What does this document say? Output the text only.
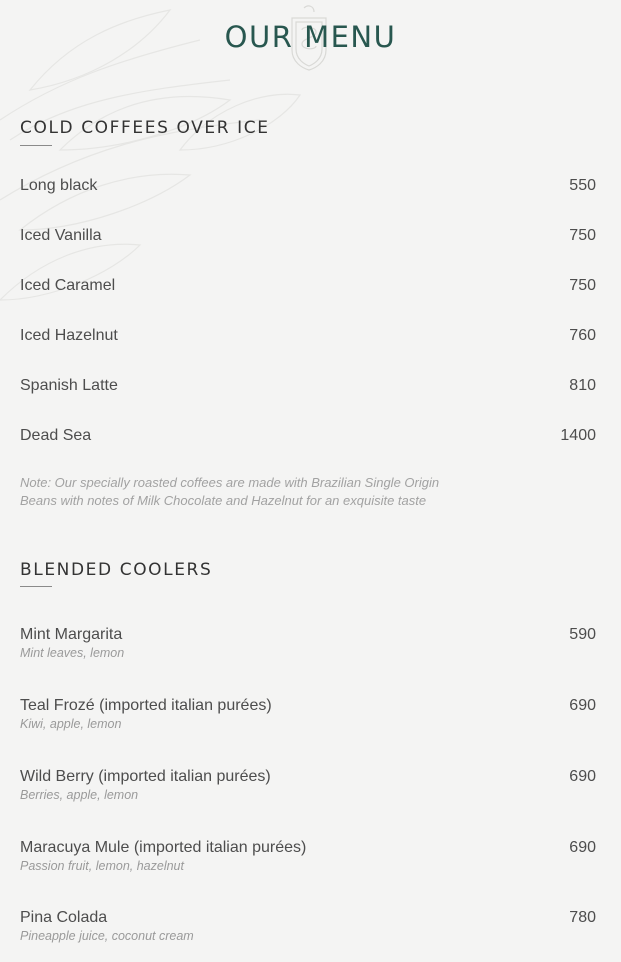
OUR MENU
COLD COFFEES OVER ICE
Long black	550
Iced Vanilla	750
Iced Caramel	750
Iced Hazelnut	760
Spanish Latte	810
Dead Sea	1400
Note: Our specially roasted coffees are made with Brazilian Single Origin
Beans with notes of Milk Chocolate and Hazelnut for an exquisite taste
BLENDED COOLERS
Mint Margarita	590
Mint leaves, lemon
Teal Frozé (imported italian purées)	690
Kiwi, apple, lemon
Wild Berry (imported italian purées)	690
Berries, apple, lemon
Maracuya Mule (imported italian purées)	690
Passion fruit, lemon, hazelnut
Pina Colada	780
Pineapple juice, coconut cream
